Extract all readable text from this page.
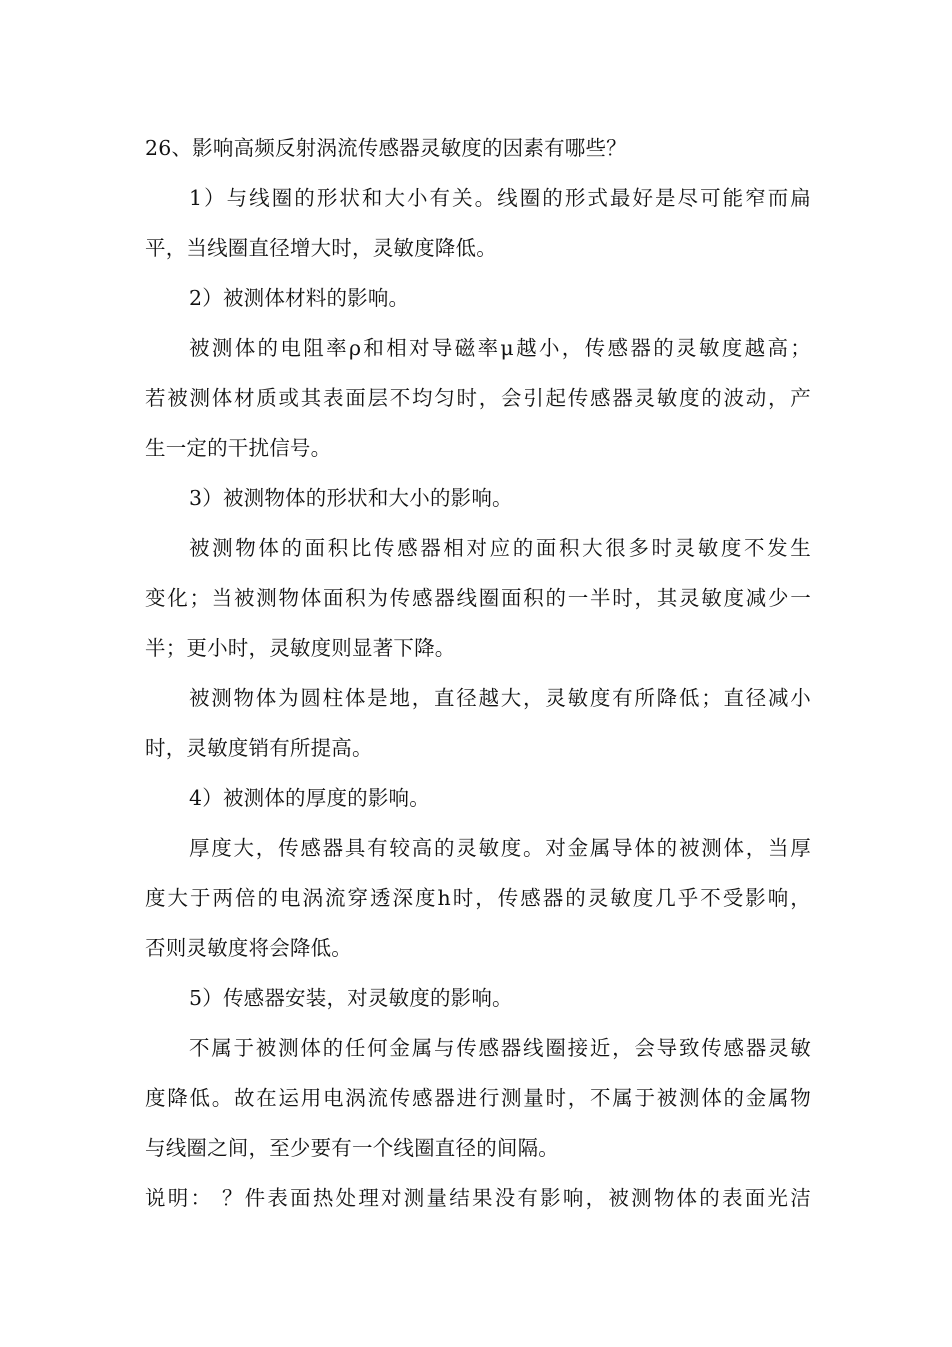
26、影响高频反射涡流传感器灵敏度的因素有哪些？
1）与线圈的形状和大小有关。线圈的形式最好是尽可能窄而扁
平，当线圈直径增大时，灵敏度降低。
2）被测体材料的影响。
被测体的电阻率ρ和相对导磁率μ越小，传感器的灵敏度越高；
若被测体材质或其表面层不均匀时，会引起传感器灵敏度的波动，产
生一定的干扰信号。
3）被测物体的形状和大小的影响。
被测物体的面积比传感器相对应的面积大很多时灵敏度不发生
变化；当被测物体面积为传感器线圈面积的一半时，其灵敏度减少一
半；更小时，灵敏度则显著下降。
被测物体为圆柱体是地，直径越大，灵敏度有所降低；直径减小
时，灵敏度销有所提高。
4）被测体的厚度的影响。
厚度大，传感器具有较高的灵敏度。对金属导体的被测体，当厚
度大于两倍的电涡流穿透深度h时，传感器的灵敏度几乎不受影响，
否则灵敏度将会降低。
5）传感器安装，对灵敏度的影响。
不属于被测体的任何金属与传感器线圈接近，会导致传感器灵敏
度降低。故在运用电涡流传感器进行测量时，不属于被测体的金属物
与线圈之间，至少要有一个线圈直径的间隔。
说明： ？件表面热处理对测量结果没有影响，被测物体的表面光洁
